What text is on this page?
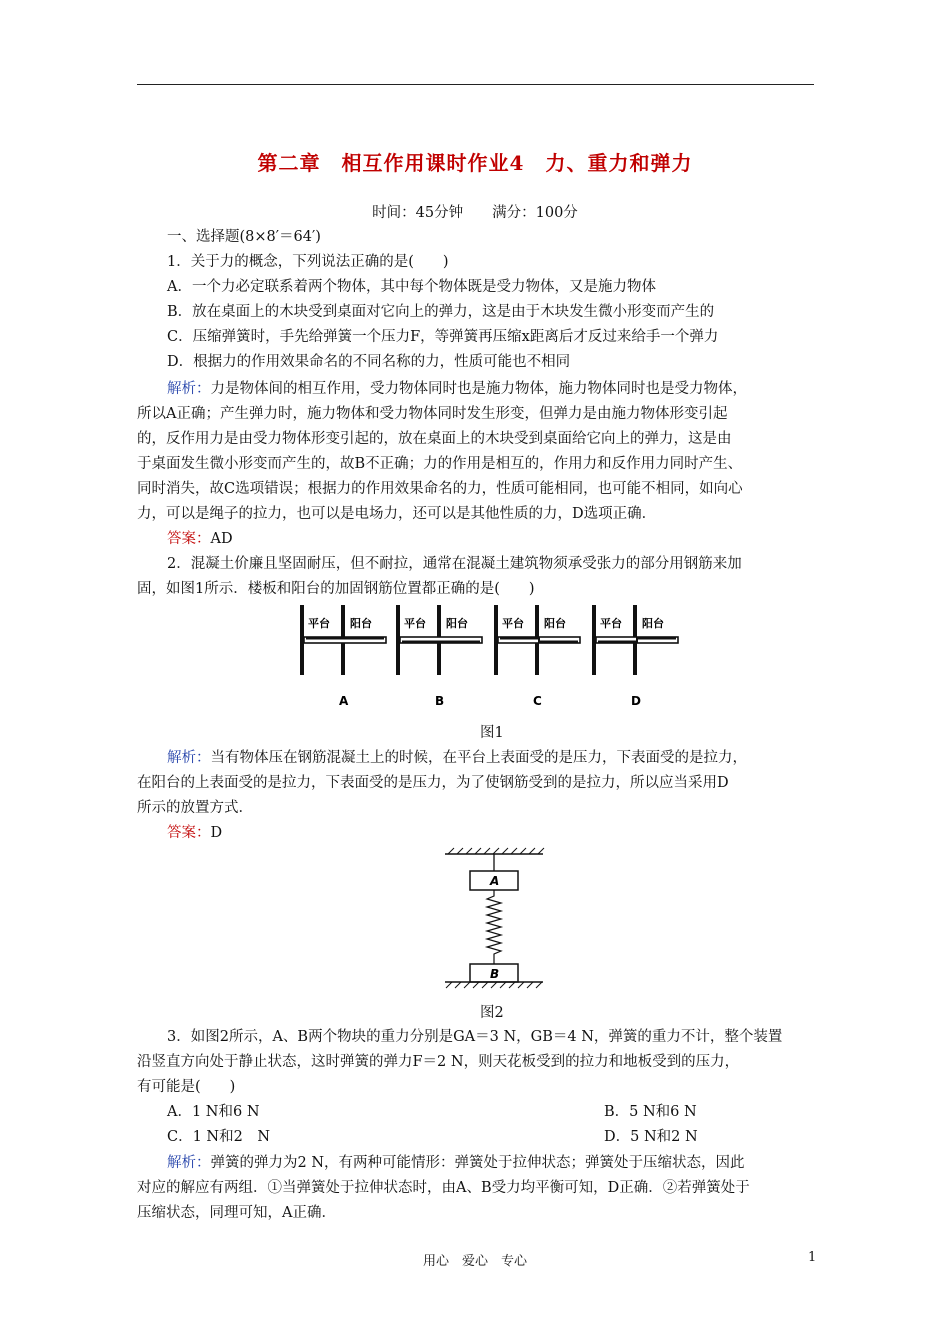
第二章　相互作用课时作业4　力、重力和弹力
时间：45分钟　　满分：100分
一、选择题(8×8′＝64′)
1．关于力的概念，下列说法正确的是(　　)
A．一个力必定联系着两个物体，其中每个物体既是受力物体，又是施力物体
B．放在桌面上的木块受到桌面对它向上的弹力，这是由于木块发生微小形变而产生的
C．压缩弹簧时，手先给弹簧一个压力F，等弹簧再压缩x距离后才反过来给手一个弹力
D．根据力的作用效果命名的不同名称的力，性质可能也不相同
解析：力是物体间的相互作用，受力物体同时也是施力物体，施力物体同时也是受力物体，
所以A正确；产生弹力时，施力物体和受力物体同时发生形变，但弹力是由施力物体形变引起
的，反作用力是由受力物体形变引起的，放在桌面上的木块受到桌面给它向上的弹力，这是由
于桌面发生微小形变而产生的，故B不正确；力的作用是相互的，作用力和反作用力同时产生、
同时消失，故C选项错误；根据力的作用效果命名的力，性质可能相同，也可能不相同，如向心
力，可以是绳子的拉力，也可以是电场力，还可以是其他性质的力，D选项正确．
答案：AD
2．混凝土价廉且坚固耐压，但不耐拉，通常在混凝土建筑物须承受张力的部分用钢筋来加
固，如图1所示．楼板和阳台的加固钢筋位置都正确的是(　　)
平台 阳台
A
平台 阳台
B
平台 阳台
C
平台 阳台
D
图1
解析：当有物体压在钢筋混凝土上的时候，在平台上表面受的是压力，下表面受的是拉力，
在阳台的上表面受的是拉力，下表面受的是压力，为了使钢筋受到的是拉力，所以应当采用D
所示的放置方式．
答案：D
A
B
图2
3．如图2所示，A、B两个物块的重力分别是GA＝3 N，GB＝4 N，弹簧的重力不计，整个装置
沿竖直方向处于静止状态，这时弹簧的弹力F＝2 N，则天花板受到的拉力和地板受到的压力，
有可能是(　　)
A．1 N和6 N	B．5 N和6 N
C．1 N和2　N	D．5 N和2 N
解析：弹簧的弹力为2 N，有两种可能情形：弹簧处于拉伸状态；弹簧处于压缩状态，因此
对应的解应有两组．①当弹簧处于拉伸状态时，由A、B受力均平衡可知，D正确．②若弹簧处于
压缩状态，同理可知，A正确．
用心　爱心　专心	1
